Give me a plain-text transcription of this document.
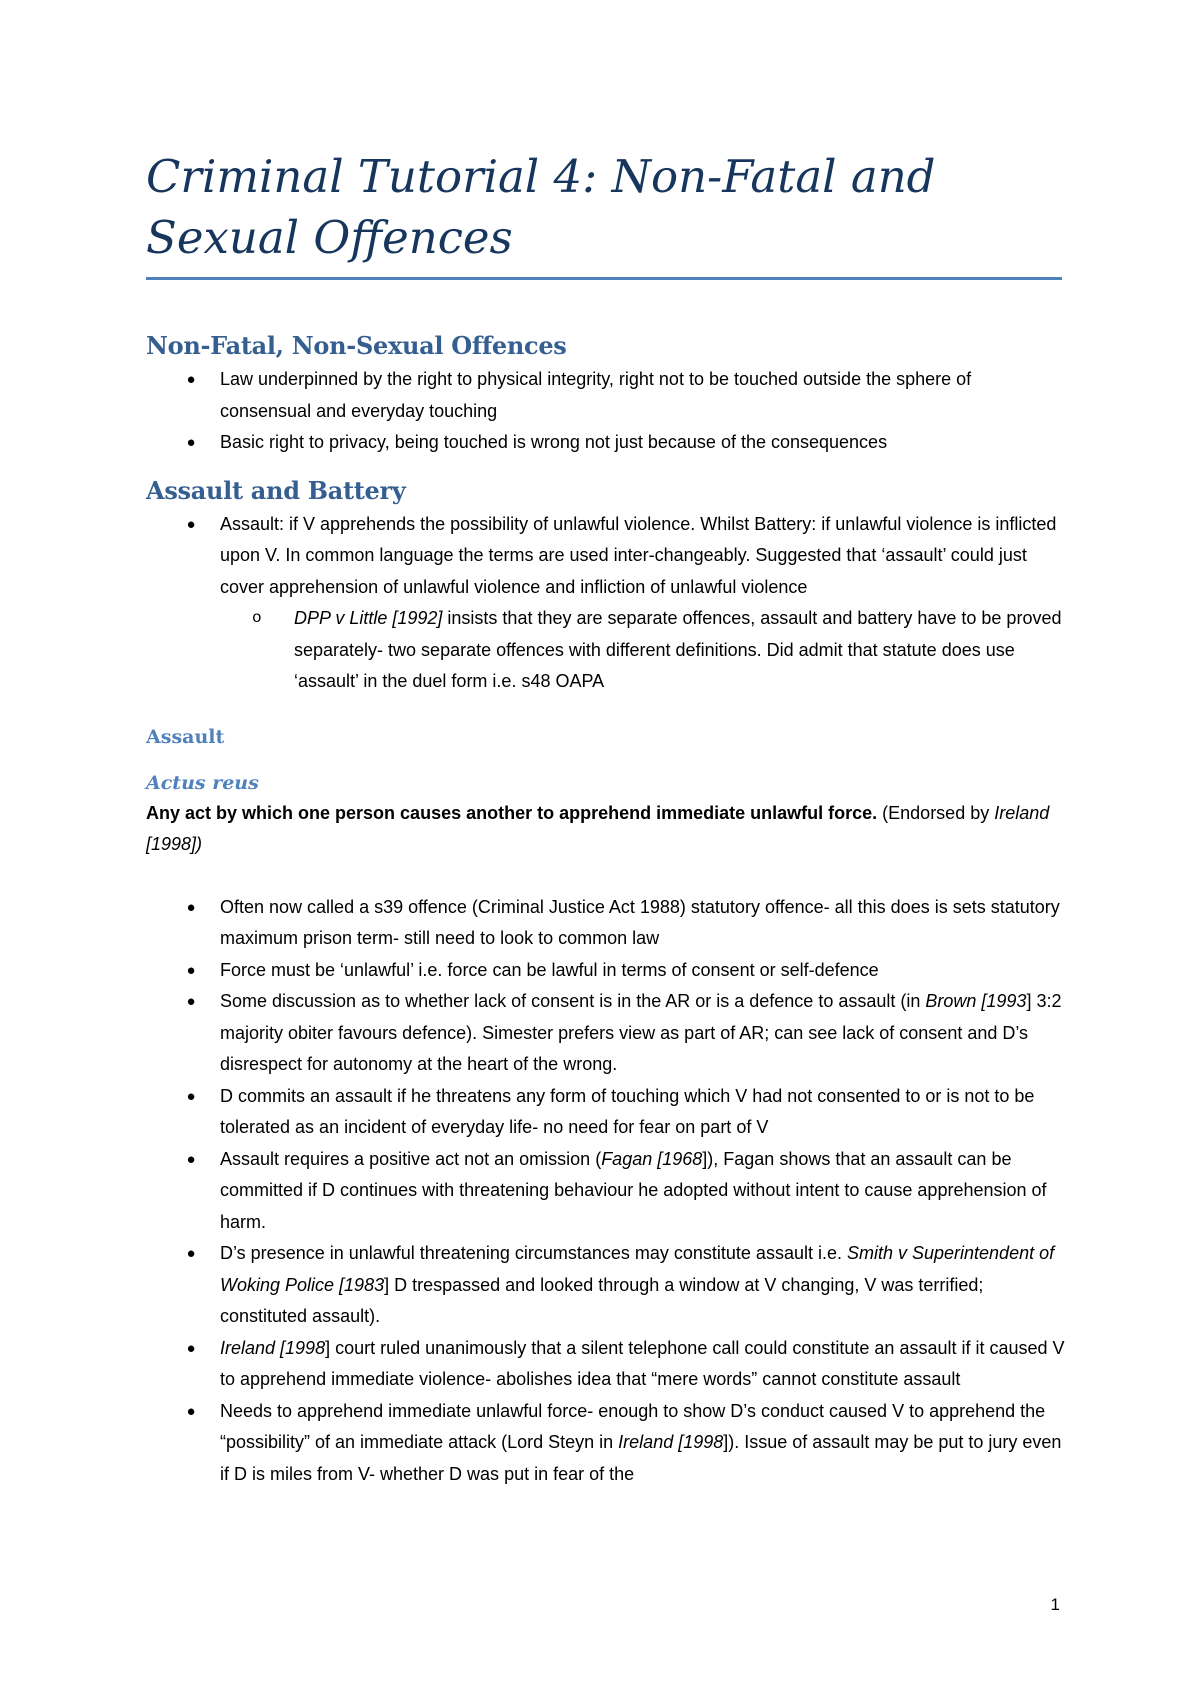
Criminal Tutorial 4: Non-Fatal and Sexual Offences
Non-Fatal, Non-Sexual Offences
● Law underpinned by the right to physical integrity, right not to be touched outside the sphere of consensual and everyday touching
● Basic right to privacy, being touched is wrong not just because of the consequences
Assault and Battery
● Assault: if V apprehends the possibility of unlawful violence. Whilst Battery: if unlawful violence is inflicted upon V. In common language the terms are used inter-changeably. Suggested that ‘assault’ could just cover apprehension of unlawful violence and infliction of unlawful violence
o DPP v Little [1992] insists that they are separate offences, assault and battery have to be proved separately- two separate offences with different definitions. Did admit that statute does use ‘assault’ in the duel form i.e. s48 OAPA
Assault
Actus reus

Any act by which one person causes another to apprehend immediate unlawful force. (Endorsed by Ireland [1998])

● Often now called a s39 offence (Criminal Justice Act 1988) statutory offence- all this does is sets statutory maximum prison term- still need to look to common law
● Force must be ‘unlawful’ i.e. force can be lawful in terms of consent or self-defence
● Some discussion as to whether lack of consent is in the AR or is a defence to assault (in Brown [1993] 3:2 majority obiter favours defence). Simester prefers view as part of AR; can see lack of consent and D’s disrespect for autonomy at the heart of the wrong.
● D commits an assault if he threatens any form of touching which V had not consented to or is not to be tolerated as an incident of everyday life- no need for fear on part of V
● Assault requires a positive act not an omission (Fagan [1968]), Fagan shows that an assault can be committed if D continues with threatening behaviour he adopted without intent to cause apprehension of harm.
● D’s presence in unlawful threatening circumstances may constitute assault i.e. Smith v Superintendent of Woking Police [1983] D trespassed and looked through a window at V changing, V was terrified; constituted assault).
● Ireland [1998] court ruled unanimously that a silent telephone call could constitute an assault if it caused V to apprehend immediate violence- abolishes idea that “mere words” cannot constitute assault
● Needs to apprehend immediate unlawful force- enough to show D’s conduct caused V to apprehend the “possibility” of an immediate attack (Lord Steyn in Ireland [1998]). Issue of assault may be put to jury even if D is miles from V- whether D was put in fear of the
1
